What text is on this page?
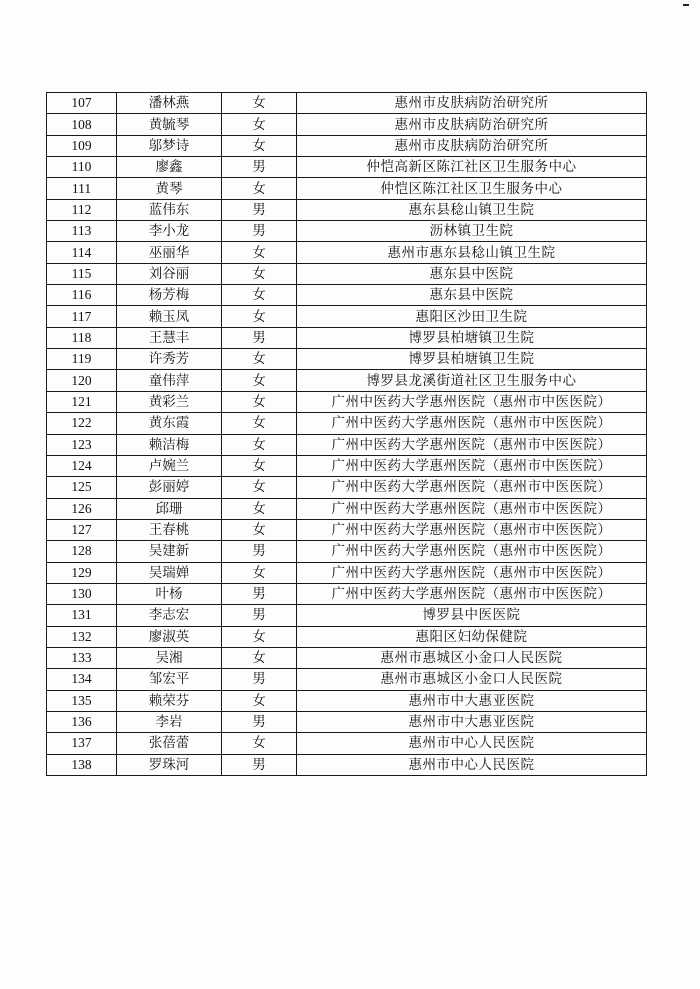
107	潘林燕	女	惠州市皮肤病防治研究所
108	黄毓琴	女	惠州市皮肤病防治研究所
109	邬梦诗	女	惠州市皮肤病防治研究所
110	廖鑫	男	仲恺高新区陈江社区卫生服务中心
111	黄琴	女	仲恺区陈江社区卫生服务中心
112	蓝伟东	男	惠东县稔山镇卫生院
113	李小龙	男	沥林镇卫生院
114	巫丽华	女	惠州市惠东县稔山镇卫生院
115	刘谷丽	女	惠东县中医院
116	杨芳梅	女	惠东县中医院
117	赖玉凤	女	惠阳区沙田卫生院
118	王慧丰	男	博罗县柏塘镇卫生院
119	许秀芳	女	博罗县柏塘镇卫生院
120	童伟萍	女	博罗县龙溪街道社区卫生服务中心
121	黄彩兰	女	广州中医药大学惠州医院（惠州市中医医院）
122	黄东霞	女	广州中医药大学惠州医院（惠州市中医医院）
123	赖洁梅	女	广州中医药大学惠州医院（惠州市中医医院）
124	卢婉兰	女	广州中医药大学惠州医院（惠州市中医医院）
125	彭丽婷	女	广州中医药大学惠州医院（惠州市中医医院）
126	邱珊	女	广州中医药大学惠州医院（惠州市中医医院）
127	王春桃	女	广州中医药大学惠州医院（惠州市中医医院）
128	吴建新	男	广州中医药大学惠州医院（惠州市中医医院）
129	吴瑞婵	女	广州中医药大学惠州医院（惠州市中医医院）
130	叶杨	男	广州中医药大学惠州医院（惠州市中医医院）
131	李志宏	男	博罗县中医医院
132	廖淑英	女	惠阳区妇幼保健院
133	吴湘	女	惠州市惠城区小金口人民医院
134	邹宏平	男	惠州市惠城区小金口人民医院
135	赖荣芬	女	惠州市中大惠亚医院
136	李岩	男	惠州市中大惠亚医院
137	张蓓蕾	女	惠州市中心人民医院
138	罗珠河	男	惠州市中心人民医院
